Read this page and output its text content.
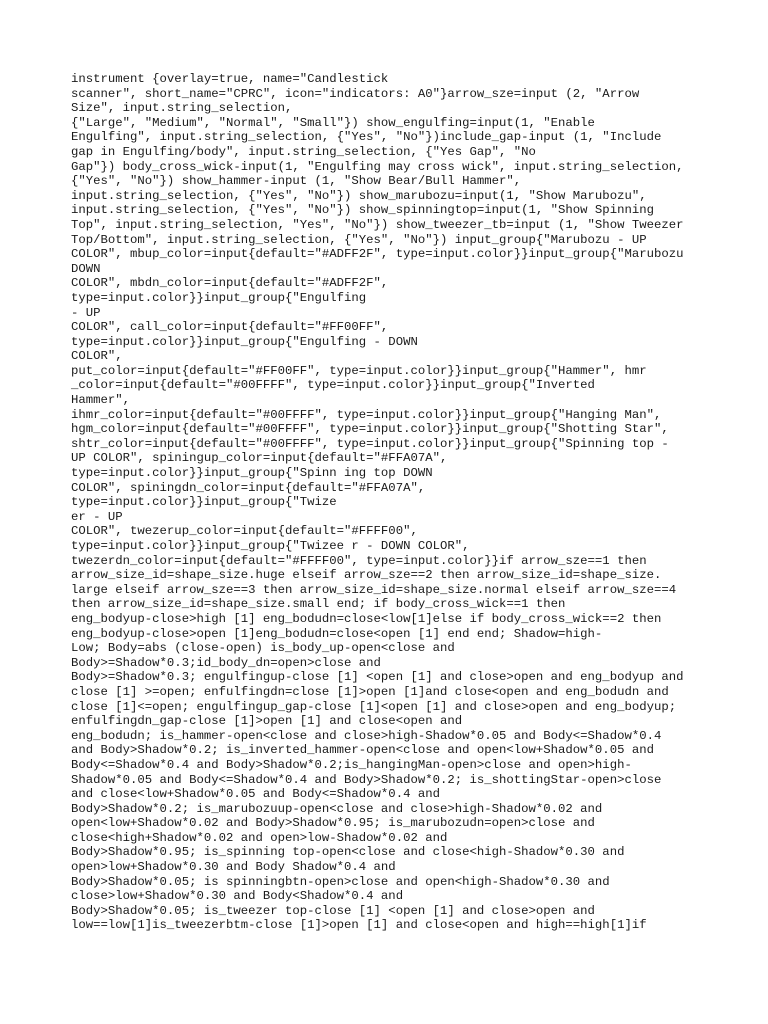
instrument {overlay=true, name="Candlestick
scanner", short_name="CPRC", icon="indicators: A0"}arrow_sze=input (2, "Arrow
Size", input.string_selection,
{"Large", "Medium", "Normal", "Small"}) show_engulfing=input(1, "Enable
Engulfing", input.string_selection, {"Yes", "No"})include_gap-input (1, "Include
gap in Engulfing/body", input.string_selection, {"Yes Gap", "No
Gap"}) body_cross_wick-input(1, "Engulfing may cross wick", input.string_selection,
{"Yes", "No"}) show_hammer-input (1, "Show Bear/Bull Hammer",
input.string_selection, {"Yes", "No"}) show_marubozu=input(1, "Show Marubozu",
input.string_selection, {"Yes", "No"}) show_spinningtop=input(1, "Show Spinning
Top", input.string_selection, "Yes", "No"}) show_tweezer_tb=input (1, "Show Tweezer
Top/Bottom", input.string_selection, {"Yes", "No"}) input_group{"Marubozu - UP
COLOR", mbup_color=input{default="#ADFF2F", type=input.color}}input_group{"Marubozu
DOWN
COLOR", mbdn_color=input{default="#ADFF2F",
type=input.color}}input_group{"Engulfing
- UP
COLOR", call_color=input{default="#FF00FF",
type=input.color}}input_group{"Engulfing - DOWN
COLOR",
put_color=input{default="#FF00FF", type=input.color}}input_group{"Hammer", hmr
_color=input{default="#00FFFF", type=input.color}}input_group{"Inverted
Hammer",
ihmr_color=input{default="#00FFFF", type=input.color}}input_group{"Hanging Man",
hgm_color=input{default="#00FFFF", type=input.color}}input_group{"Shotting Star",
shtr_color=input{default="#00FFFF", type=input.color}}input_group{"Spinning top -
UP COLOR", spiningup_color=input{default="#FFA07A",
type=input.color}}input_group{"Spinn ing top DOWN
COLOR", spiningdn_color=input{default="#FFA07A",
type=input.color}}input_group{"Twize
er - UP
COLOR", twezerup_color=input{default="#FFFF00",
type=input.color}}input_group{"Twizee r - DOWN COLOR",
twezerdn_color=input{default="#FFFF00", type=input.color}}if arrow_sze==1 then
arrow_size_id=shape_size.huge elseif arrow_sze==2 then arrow_size_id=shape_size.
large elseif arrow_sze==3 then arrow_size_id=shape_size.normal elseif arrow_sze==4
then arrow_size_id=shape_size.small end; if body_cross_wick==1 then
eng_bodyup-close>high [1] eng_bodudn=close<low[1]else if body_cross_wick==2 then
eng_bodyup-close>open [1]eng_bodudn=close<open [1] end end; Shadow=high-
Low; Body=abs (close-open) is_body_up-open<close and
Body>=Shadow*0.3;id_body_dn=open>close and
Body>=Shadow*0.3; engulfingup-close [1] <open [1] and close>open and eng_bodyup and
close [1] >=open; enfulfingdn=close [1]>open [1]and close<open and eng_bodudn and
close [1]<=open; engulfingup_gap-close [1]<open [1] and close>open and eng_bodyup;
enfulfingdn_gap-close [1]>open [1] and close<open and
eng_bodudn; is_hammer-open<close and close>high-Shadow*0.05 and Body<=Shadow*0.4
and Body>Shadow*0.2; is_inverted_hammer-open<close and open<low+Shadow*0.05 and
Body<=Shadow*0.4 and Body>Shadow*0.2;is_hangingMan-open>close and open>high-
Shadow*0.05 and Body<=Shadow*0.4 and Body>Shadow*0.2; is_shottingStar-open>close
and close<low+Shadow*0.05 and Body<=Shadow*0.4 and
Body>Shadow*0.2; is_marubozuup-open<close and close>high-Shadow*0.02 and
open<low+Shadow*0.02 and Body>Shadow*0.95; is_marubozudn=open>close and
close<high+Shadow*0.02 and open>low-Shadow*0.02 and
Body>Shadow*0.95; is_spinning top-open<close and close<high-Shadow*0.30 and
open>low+Shadow*0.30 and Body Shadow*0.4 and
Body>Shadow*0.05; is spinningbtn-open>close and open<high-Shadow*0.30 and
close>low+Shadow*0.30 and Body<Shadow*0.4 and
Body>Shadow*0.05; is_tweezer top-close [1] <open [1] and close>open and
low==low[1]is_tweezerbtm-close [1]>open [1] and close<open and high==high[1]if
